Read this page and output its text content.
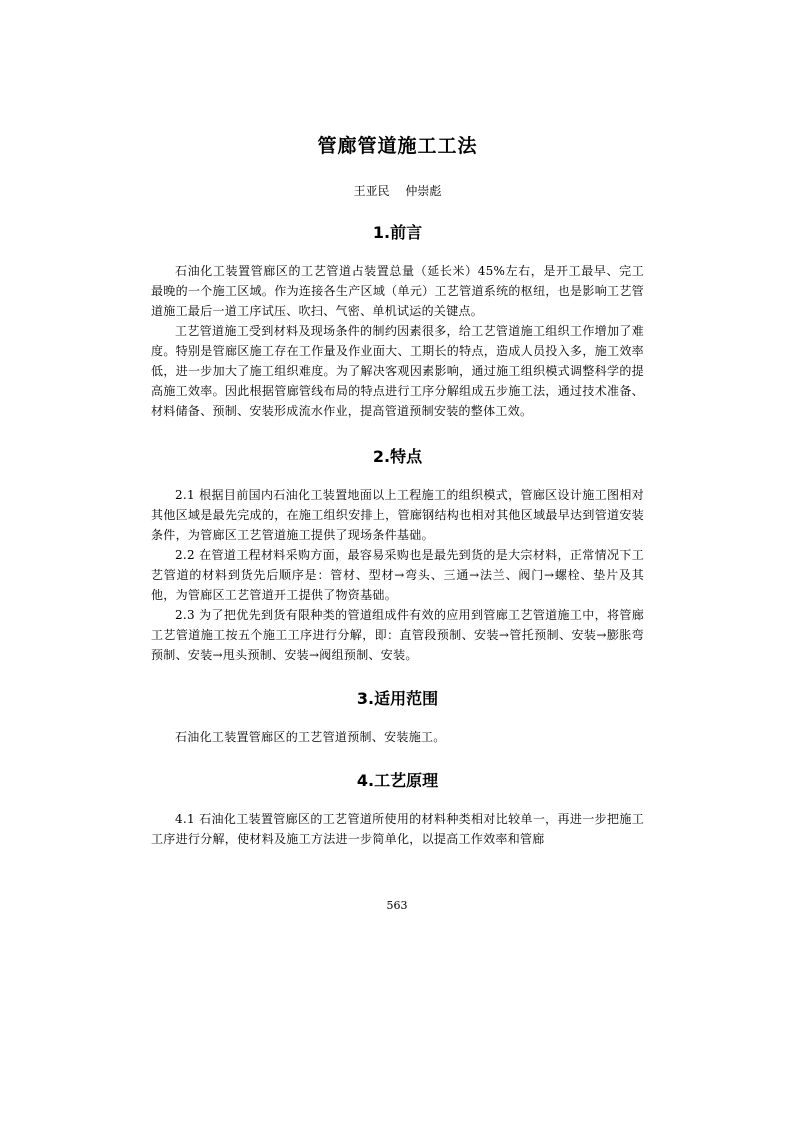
管廊管道施工工法
王亚民 仲崇彪
1.前言

石油化工装置管廊区的工艺管道占装置总量（延长米）45%左右，是开工最早、完工最晚的一个施工区域。作为连接各生产区域（单元）工艺管道系统的枢纽，也是影响工艺管道施工最后一道工序试压、吹扫、气密、单机试运的关键点。

工艺管道施工受到材料及现场条件的制约因素很多，给工艺管道施工组织工作增加了难度。特别是管廊区施工存在工作量及作业面大、工期长的特点，造成人员投入多，施工效率低，进一步加大了施工组织难度。为了解决客观因素影响，通过施工组织模式调整科学的提高施工效率。因此根据管廊管线布局的特点进行工序分解组成五步施工法，通过技术准备、材料储备、预制、安装形成流水作业，提高管道预制安装的整体工效。

2.特点

2.1 根据目前国内石油化工装置地面以上工程施工的组织模式，管廊区设计施工图相对其他区域是最先完成的，在施工组织安排上，管廊钢结构也相对其他区域最早达到管道安装条件，为管廊区工艺管道施工提供了现场条件基础。

2.2 在管道工程材料采购方面，最容易采购也是最先到货的是大宗材料，正常情况下工艺管道的材料到货先后顺序是：管材、型材→弯头、三通→法兰、阀门→螺栓、垫片及其他，为管廊区工艺管道开工提供了物资基础。

2.3 为了把优先到货有限种类的管道组成件有效的应用到管廊工艺管道施工中，将管廊工艺管道施工按五个施工工序进行分解，即：直管段预制、安装→管托预制、安装→膨胀弯预制、安装→甩头预制、安装→阀组预制、安装。

3.适用范围

石油化工装置管廊区的工艺管道预制、安装施工。

4.工艺原理

4.1 石油化工装置管廊区的工艺管道所使用的材料种类相对比较单一，再进一步把施工工序进行分解，使材料及施工方法进一步简单化，以提高工作效率和管廊

563
